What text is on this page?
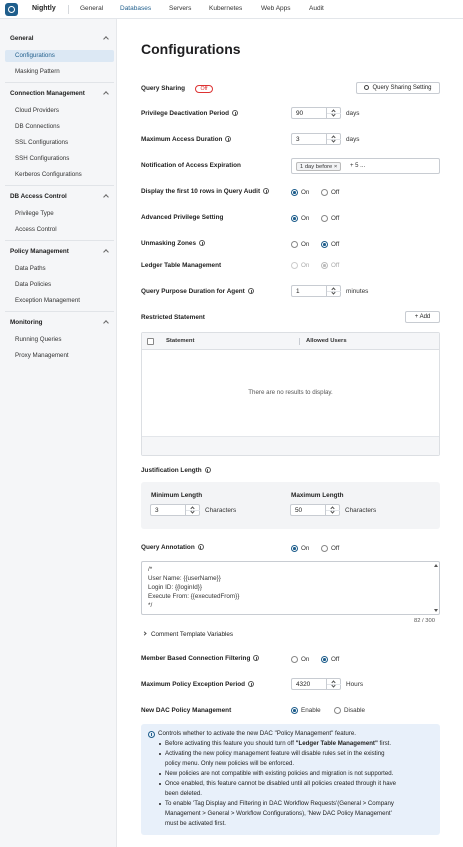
Nightly	General	Databases	Servers	Kubernetes	Web Apps	Audit
General
Configurations
Masking Pattern
Connection Management
Cloud Providers
DB Connections
SSL Configurations
SSH Configurations
Kerberos Configurations
DB Access Control
Privilege Type
Access Control
Policy Management
Data Paths
Data Policies
Exception Management
Monitoring
Running Queries
Proxy Management
Configurations
Query Sharing	Off	Query Sharing Setting
Privilege Deactivation Period	90	days
Maximum Access Duration	3	days
Notification of Access Expiration	1 day before ×	+ 5 ...
Display the first 10 rows in Query Audit	On	Off
Advanced Privilege Setting	On	Off
Unmasking Zones	On	Off
Ledger Table Management	On	Off
Query Purpose Duration for Agent	1	minutes
Restricted Statement	+ Add
Statement	Allowed Users
There are no results to display.
Justification Length
Minimum Length
3	Characters
Maximum Length
50	Characters
Query Annotation	On	Off
/*
User Name: {{userName}}
Login ID: {{loginId}}
Execute From: {{executedFrom}}
*/
82 / 300
Comment Template Variables
Member Based Connection Filtering	On	Off
Maximum Policy Exception Period	4320	Hours
New DAC Policy Management	Enable	Disable
Controls whether to activate the new DAC "Policy Management" feature.
Before activating this feature you should turn off "Ledger Table Management" first.
Activating the new policy management feature will disable rules set in the existing
policy menu. Only new policies will be enforced.
New policies are not compatible with existing policies and migration is not supported.
Once enabled, this feature cannot be disabled until all policies created through it have
been deleted.
To enable 'Tag Display and Filtering in DAC Workflow Requests'(General > Company
Management > General > Workflow Configurations), 'New DAC Policy Management'
must be activated first.
